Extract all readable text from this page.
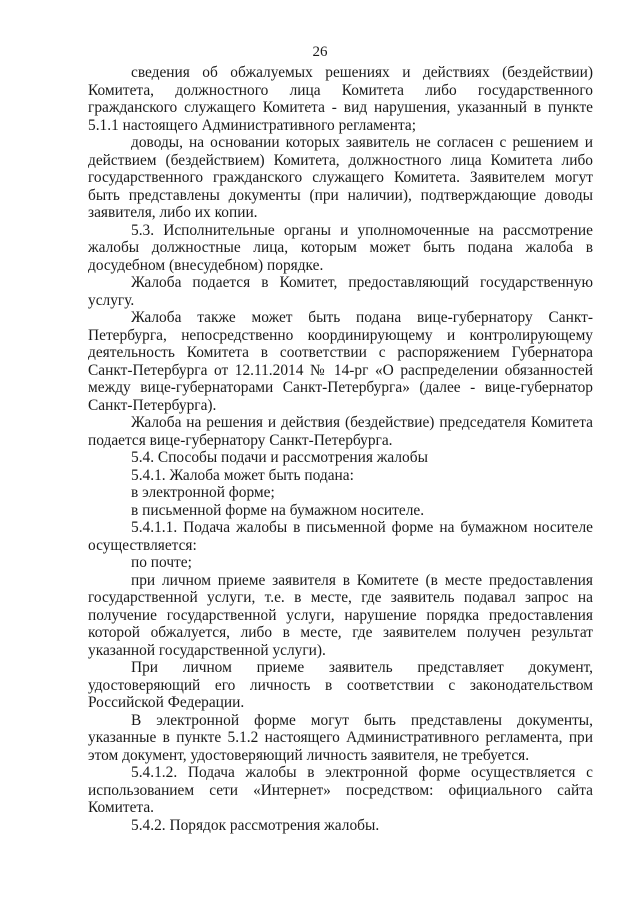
26

сведения об обжалуемых решениях и действиях (бездействии) Комитета, должностного лица Комитета либо государственного гражданского служащего Комитета - вид нарушения, указанный в пункте 5.1.1 настоящего Административного регламента;

доводы, на основании которых заявитель не согласен с решением и действием (бездействием) Комитета, должностного лица Комитета либо государственного гражданского служащего Комитета. Заявителем могут быть представлены документы (при наличии), подтверждающие доводы заявителя, либо их копии.

5.3. Исполнительные органы и уполномоченные на рассмотрение жалобы должностные лица, которым может быть подана жалоба в досудебном (внесудебном) порядке.

Жалоба подается в Комитет, предоставляющий государственную услугу.

Жалоба также может быть подана вице-губернатору Санкт-Петербурга, непосредственно координирующему и контролирующему деятельность Комитета в соответствии с распоряжением Губернатора Санкт-Петербурга от 12.11.2014 № 14-рг «О распределении обязанностей между вице-губернаторами Санкт-Петербурга» (далее - вице-губернатор Санкт-Петербурга).

Жалоба на решения и действия (бездействие) председателя Комитета подается вице-губернатору Санкт-Петербурга.

5.4. Способы подачи и рассмотрения жалобы

5.4.1. Жалоба может быть подана:

в электронной форме;

в письменной форме на бумажном носителе.

5.4.1.1. Подача жалобы в письменной форме на бумажном носителе осуществляется:

по почте;

при личном приеме заявителя в Комитете (в месте предоставления государственной услуги, т.е. в месте, где заявитель подавал запрос на получение государственной услуги, нарушение порядка предоставления которой обжалуется, либо в месте, где заявителем получен результат указанной государственной услуги).

При личном приеме заявитель представляет документ, удостоверяющий его личность в соответствии с законодательством Российской Федерации.

В электронной форме могут быть представлены документы, указанные в пункте 5.1.2 настоящего Административного регламента, при этом документ, удостоверяющий личность заявителя, не требуется.

5.4.1.2. Подача жалобы в электронной форме осуществляется с использованием сети «Интернет» посредством: официального сайта Комитета.

5.4.2. Порядок рассмотрения жалобы.
